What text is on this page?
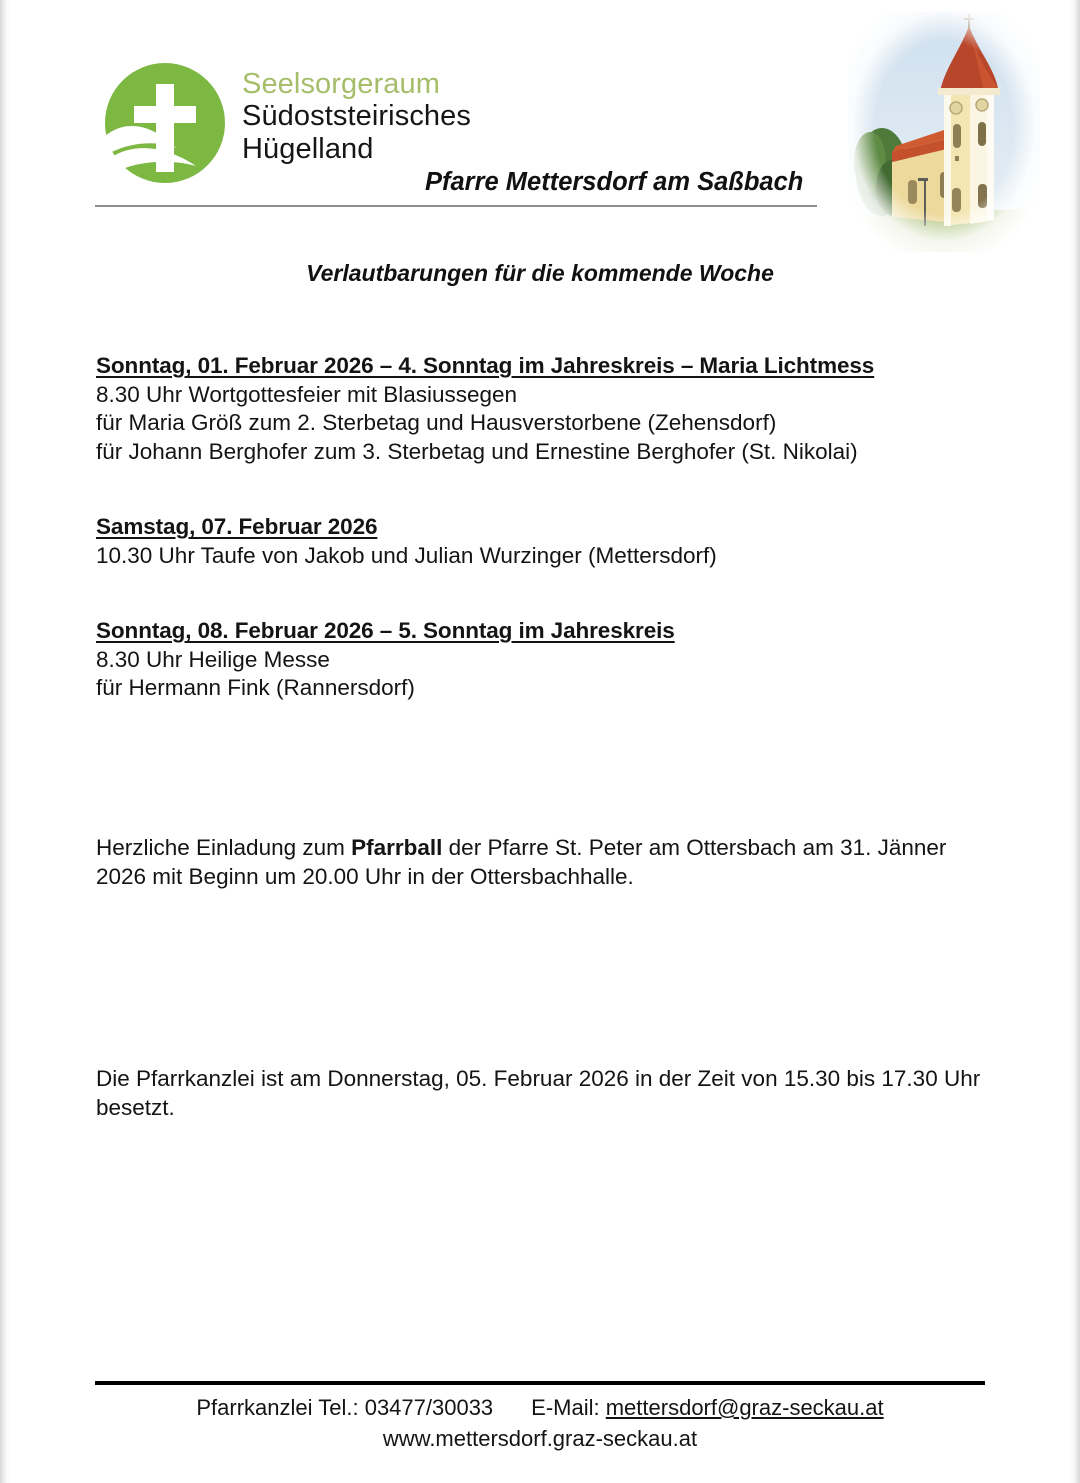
Seelsorgeraum
Südoststeirisches
Hügelland
Pfarre Mettersdorf am Saßbach
Verlautbarungen für die kommende Woche
Sonntag, 01. Februar 2026 – 4. Sonntag im Jahreskreis – Maria Lichtmess
8.30 Uhr Wortgottesfeier mit Blasiussegen
für Maria Größ zum 2. Sterbetag und Hausverstorbene (Zehensdorf)
für Johann Berghofer zum 3. Sterbetag und Ernestine Berghofer (St. Nikolai)
Samstag, 07. Februar 2026
10.30 Uhr Taufe von Jakob und Julian Wurzinger (Mettersdorf)
Sonntag, 08. Februar 2026 – 5. Sonntag im Jahreskreis
8.30 Uhr Heilige Messe
für Hermann Fink (Rannersdorf)
Herzliche Einladung zum Pfarrball der Pfarre St. Peter am Ottersbach am 31. Jänner 2026 mit Beginn um 20.00 Uhr in der Ottersbachhalle.
Die Pfarrkanzlei ist am Donnerstag, 05. Februar 2026 in der Zeit von 15.30 bis 17.30 Uhr besetzt.
Pfarrkanzlei Tel.: 03477/30033 E-Mail: mettersdorf@graz-seckau.at
www.mettersdorf.graz-seckau.at
